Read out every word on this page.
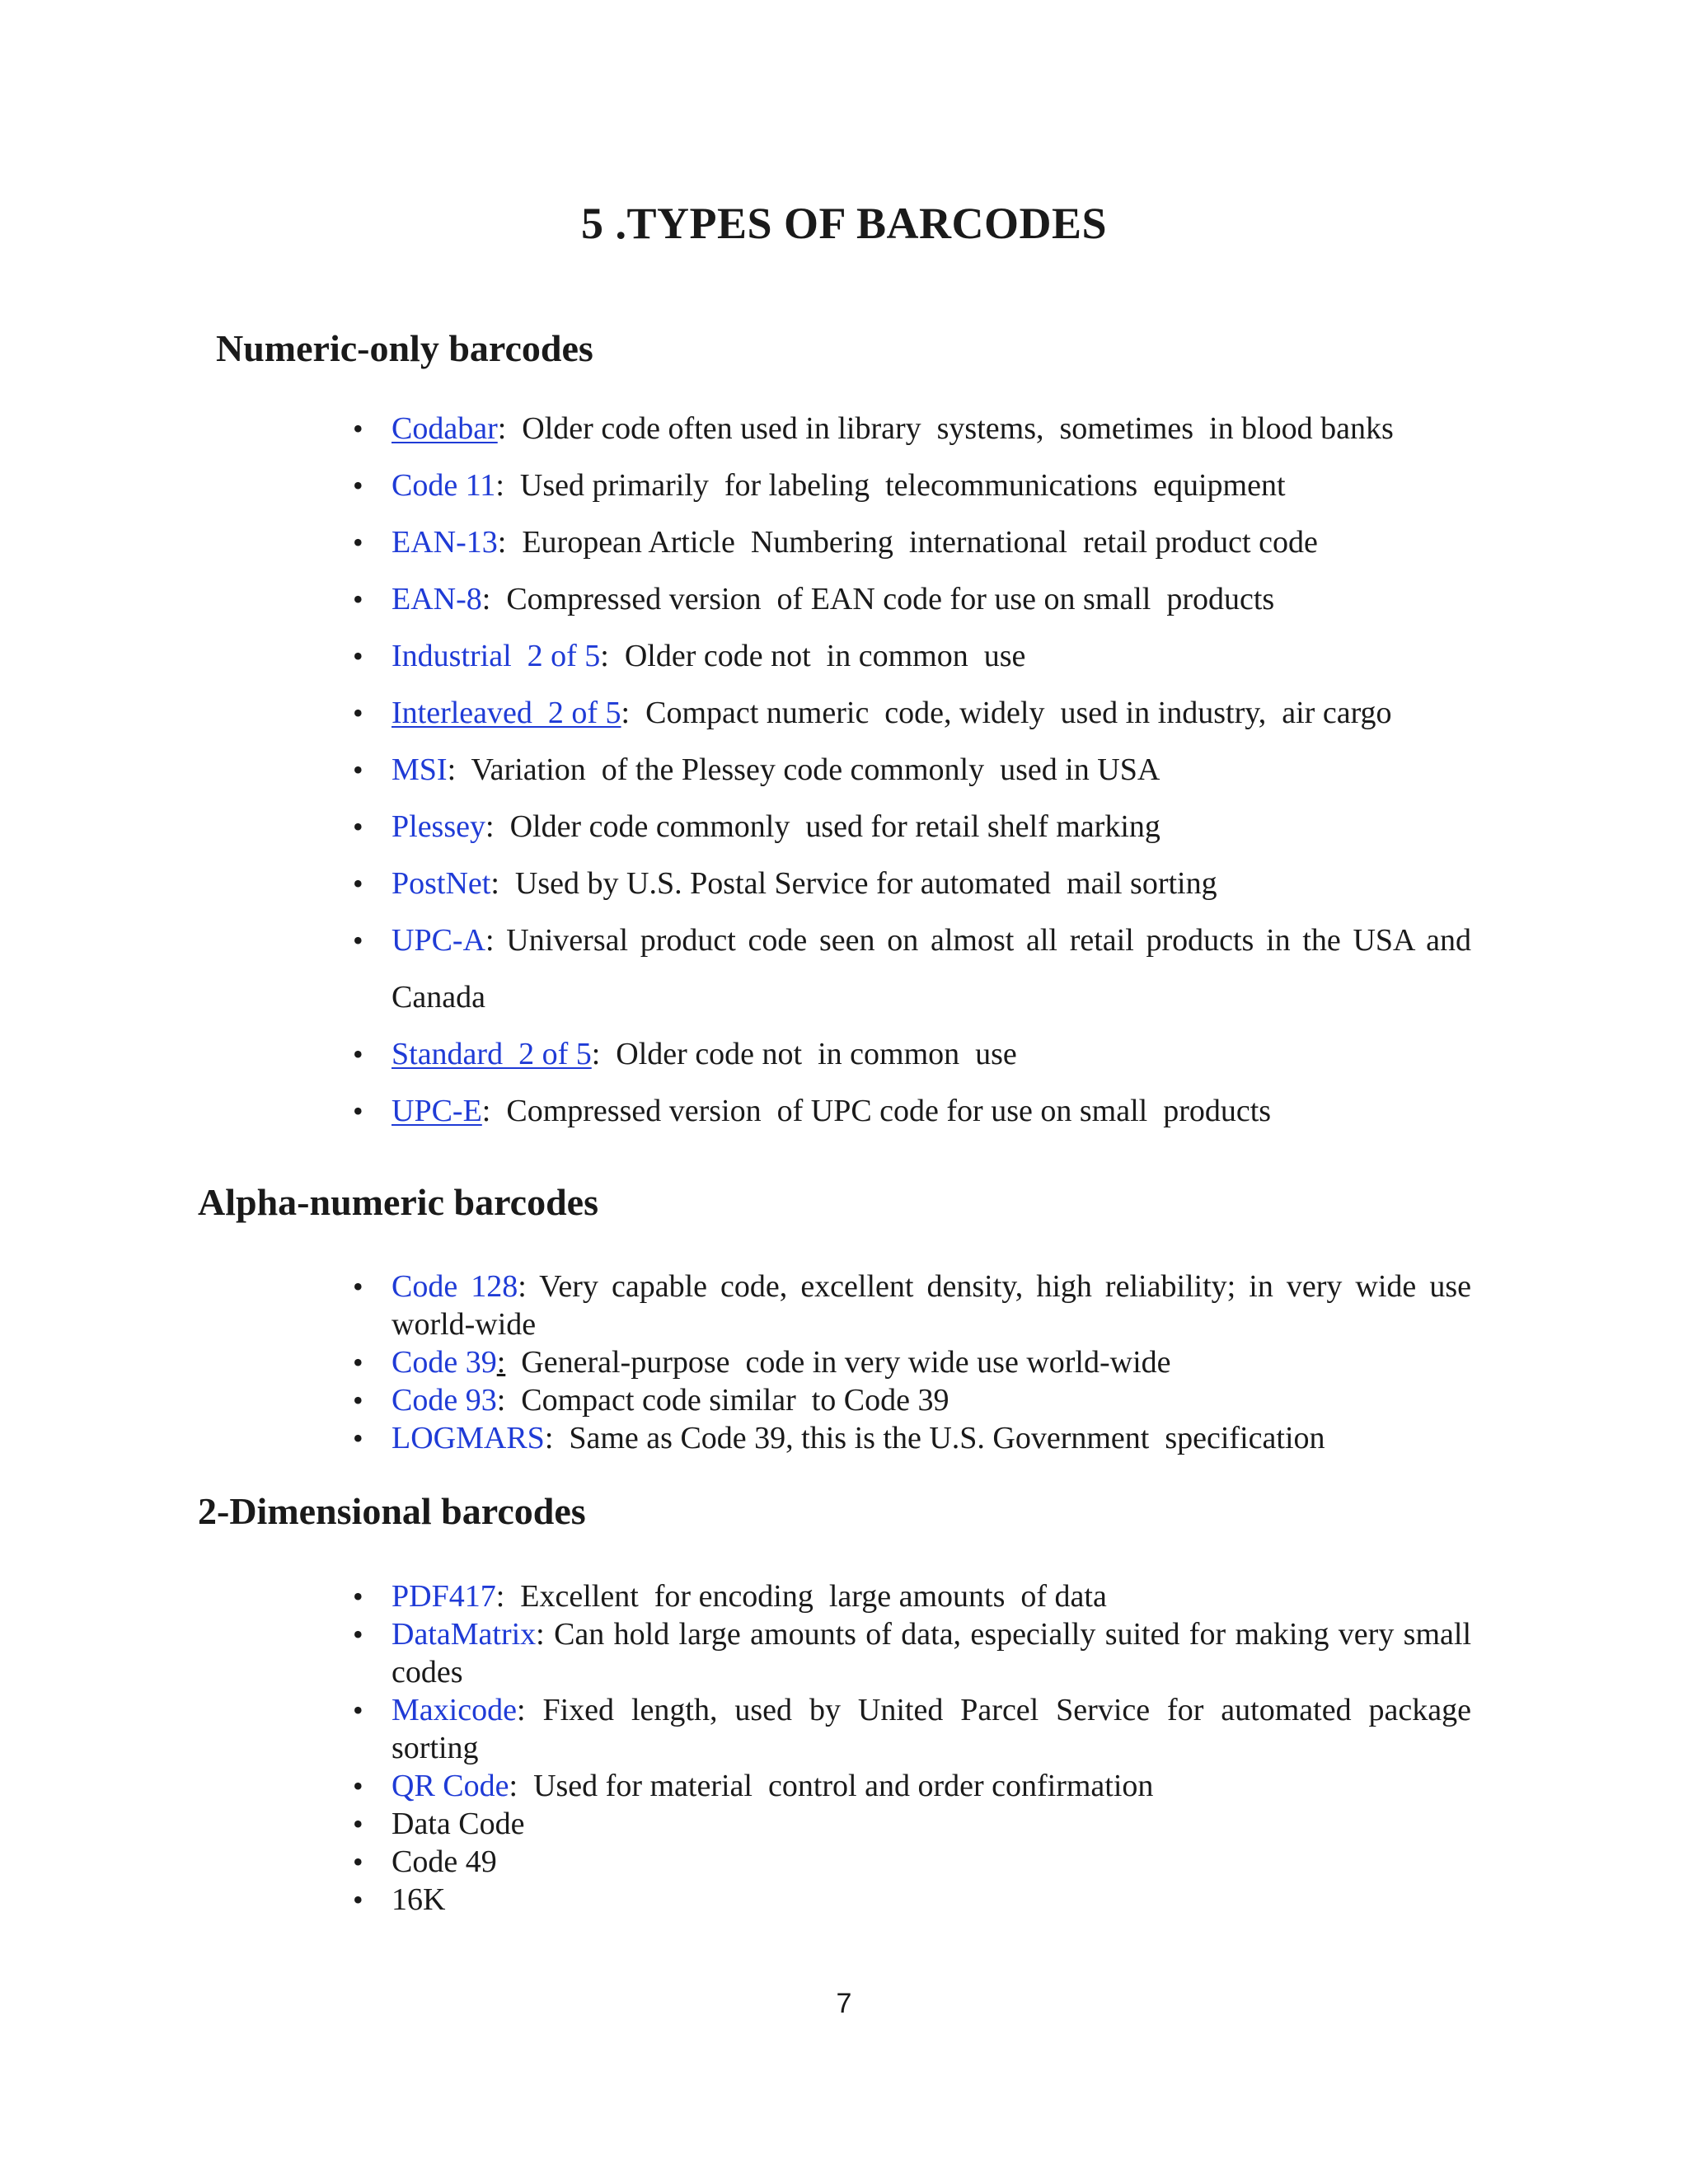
5 .TYPES OF BARCODES
Numeric-only barcodes
• Codabar:  Older code often used in library  systems,  sometimes  in blood banks
• Code 11:  Used primarily  for labeling  telecommunications  equipment
• EAN-13:  European Article  Numbering  international  retail product code
• EAN-8:  Compressed version  of EAN code for use on small  products
• Industrial  2 of 5:  Older code not  in common  use
• Interleaved  2 of 5:  Compact numeric  code, widely  used in industry,  air cargo
• MSI:  Variation  of the Plessey code commonly  used in USA
• Plessey:  Older code commonly  used for retail shelf marking
• PostNet:  Used by U.S. Postal Service for automated  mail sorting
• UPC-A: Universal product code seen on almost all retail products in the USA and Canada
• Standard  2 of 5:  Older code not  in common  use
• UPC-E:  Compressed version  of UPC code for use on small  products
Alpha-numeric barcodes
• Code 128: Very capable code, excellent density, high reliability; in very wide use world-wide
• Code 39:  General-purpose  code in very wide use world-wide
• Code 93:  Compact code similar  to Code 39
• LOGMARS:  Same as Code 39, this is the U.S. Government  specification
2-Dimensional barcodes
• PDF417:  Excellent  for encoding  large amounts  of data
• DataMatrix: Can hold large amounts of data, especially suited for making very small codes
• Maxicode: Fixed length, used by United Parcel Service for automated package sorting
• QR Code:  Used for material  control and order confirmation
• Data Code
• Code 49
• 16K
7
